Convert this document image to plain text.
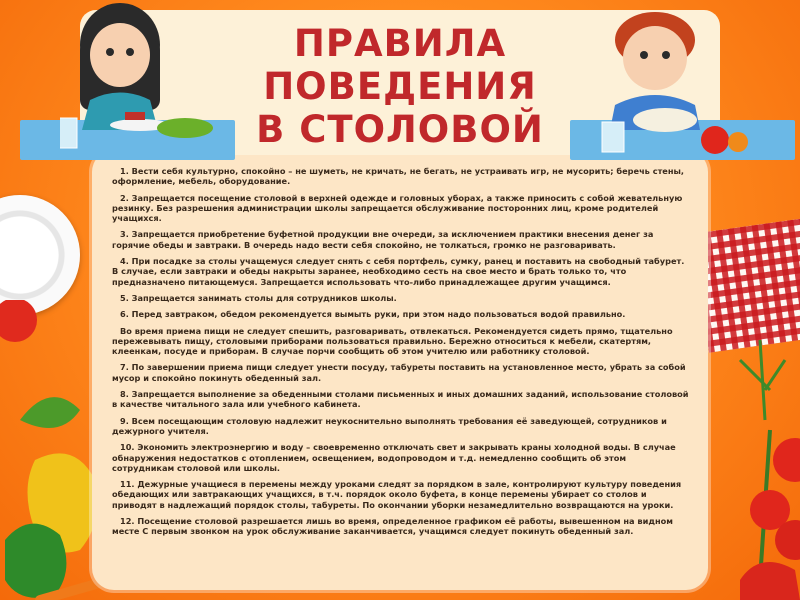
ПРАВИЛА
ПОВЕДЕНИЯ
В СТОЛОВОЙ

1. Вести себя культурно, спокойно – не шуметь, не кричать, не бегать, не устраивать игр, не мусорить; беречь стены, оформление, мебель, оборудование.

2. Запрещается посещение столовой в верхней одежде и головных уборах, а также приносить с собой жевательную резинку. Без разрешения администрации школы запрещается обслуживание посторонних лиц, кроме родителей учащихся.

3. Запрещается приобретение буфетной продукции вне очереди, за исключением практики внесения денег за горячие обеды и завтраки. В очередь надо вести себя спокойно, не толкаться, громко не разговаривать.

4. При посадке за столы учащемуся следует снять с себя портфель, сумку, ранец и поставить на свободный табурет. В случае, если завтраки и обеды накрыты заранее, необходимо сесть на свое место и брать только то, что предназначено питающемуся. Запрещается использовать что-либо принадлежащее другим учащимся.

5. Запрещается занимать столы для сотрудников школы.

6. Перед завтраком, обедом рекомендуется вымыть руки, при этом надо пользоваться водой правильно.

Во время приема пищи не следует спешить, разговаривать, отвлекаться. Рекомендуется сидеть прямо, тщательно пережевывать пищу, столовыми приборами пользоваться правильно. Бережно относиться к мебели, скатертям, клеенкам, посуде и приборам. В случае порчи сообщить об этом учителю или работнику столовой.

7. По завершении приема пищи следует унести посуду, табуреты поставить на установленное место, убрать за собой мусор и спокойно покинуть обеденный зал.

8. Запрещается выполнение за обеденными столами письменных и иных домашних заданий, использование столовой в качестве читального зала или учебного кабинета.

9. Всем посещающим столовую надлежит неукоснительно выполнять требования её заведующей, сотрудников и дежурного учителя.

10. Экономить электроэнергию и воду – своевременно отключать свет и закрывать краны холодной воды. В случае обнаружения недостатков с отоплением, освещением, водопроводом и т.д. немедленно сообщить об этом сотрудникам столовой или школы.

11. Дежурные учащиеся в перемены между уроками следят за порядком в зале, контролируют культуру поведения обедающих или завтракающих учащихся, в т.ч. порядок около буфета, в конце перемены убирает со столов и приводят в надлежащий порядок столы, табуреты. По окончании уборки незамедлительно возвращаются на уроки.

12. Посещение столовой разрешается лишь во время, определенное графиком её работы, вывешенном на видном месте С первым звонком на урок обслуживание заканчивается, учащимся следует покинуть обеденный зал.
